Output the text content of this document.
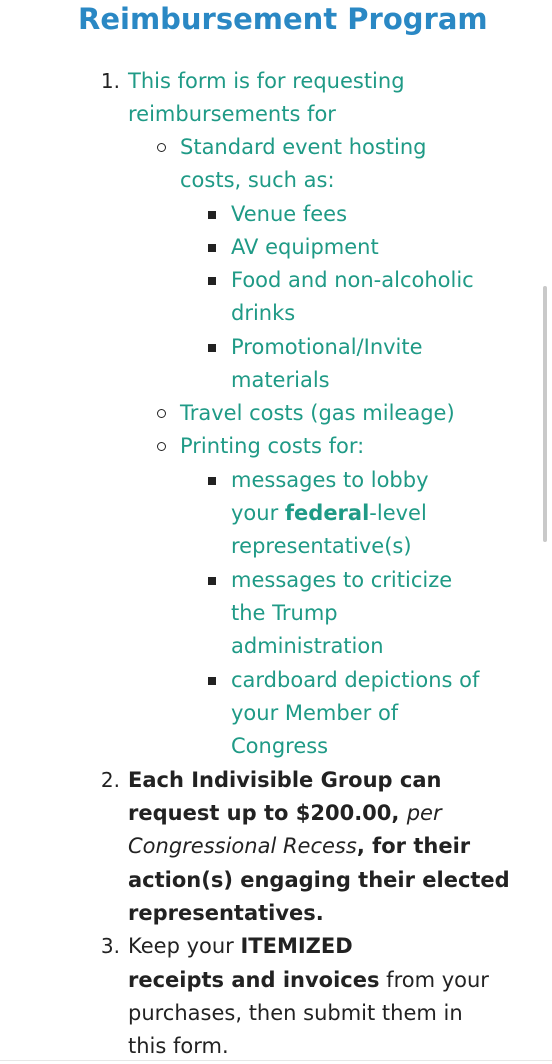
Reimbursement Program
1. This form is for requesting
reimbursements for
Standard event hosting
costs, such as:
Venue fees
AV equipment
Food and non-alcoholic
drinks
Promotional/Invite
materials
Travel costs (gas mileage)
Printing costs for:
messages to lobby
your federal-level
representative(s)
messages to criticize
the Trump
administration
cardboard depictions of
your Member of
Congress
2. Each Indivisible Group can
request up to $200.00, per
Congressional Recess, for their
action(s) engaging their elected
representatives.
3. Keep your ITEMIZED
receipts and invoices from your
purchases, then submit them in
this form.
